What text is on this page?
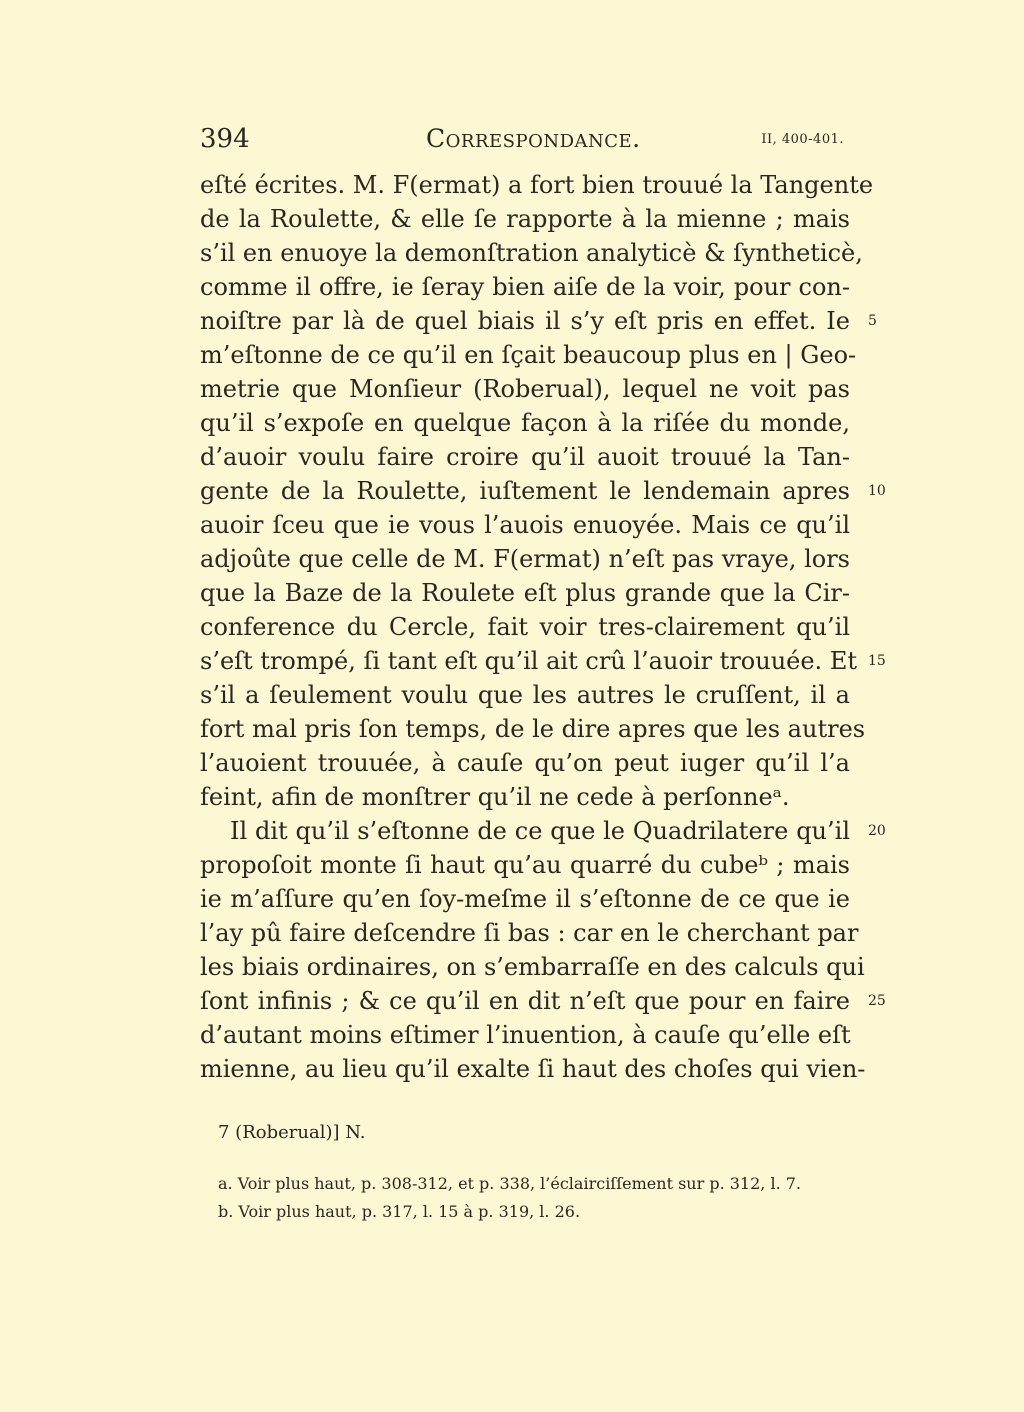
394	Correspondance.	II, 400-401.
eſté écrites. M. F(ermat) a fort bien trouué la Tangente
de la Roulette, & elle ſe rapporte à la mienne ; mais
s’il en enuoye la demonſtration analyticè & ſyntheticè,
comme il offre, ie ſeray bien aiſe de la voir, pour con-
noiſtre par là de quel biais il s’y eſt pris en effet. Ie 5
m’eſtonne de ce qu’il en ſçait beaucoup plus en | Geo-
metrie que Monſieur (Roberual), lequel ne voit pas
qu’il s’expoſe en quelque façon à la riſée du monde,
d’auoir voulu faire croire qu’il auoit trouué la Tan-
gente de la Roulette, iuſtement le lendemain apres 10
auoir ſceu que ie vous l’auois enuoyée. Mais ce qu’il
adjoûte que celle de M. F(ermat) n’eſt pas vraye, lors
que la Baze de la Roulete eſt plus grande que la Cir-
conference du Cercle, fait voir tres-clairement qu’il
s’eſt trompé, ſi tant eſt qu’il ait crû l’auoir trouuée. Et 15
s’il a ſeulement voulu que les autres le cruſſent, il a
fort mal pris ſon temps, de le dire apres que les autres
l’auoient trouuée, à cauſe qu’on peut iuger qu’il l’a
feint, afin de monſtrer qu’il ne cede à perſonneᵃ.
Il dit qu’il s’eſtonne de ce que le Quadrilatere qu’il 20
propoſoit monte ſi haut qu’au quarré du cubeᵇ ; mais
ie m’aſſure qu’en ſoy-meſme il s’eſtonne de ce que ie
l’ay pû faire deſcendre ſi bas : car en le cherchant par
les biais ordinaires, on s’embarraſſe en des calculs qui
ſont infinis ; & ce qu’il en dit n’eſt que pour en faire 25
d’autant moins eſtimer l’inuention, à cauſe qu’elle eſt
mienne, au lieu qu’il exalte ſi haut des choſes qui vien-
7 (Roberual)] N.
a. Voir plus haut, p. 308-312, et p. 338, l’éclairciſſement sur p. 312, l. 7.
b. Voir plus haut, p. 317, l. 15 à p. 319, l. 26.
